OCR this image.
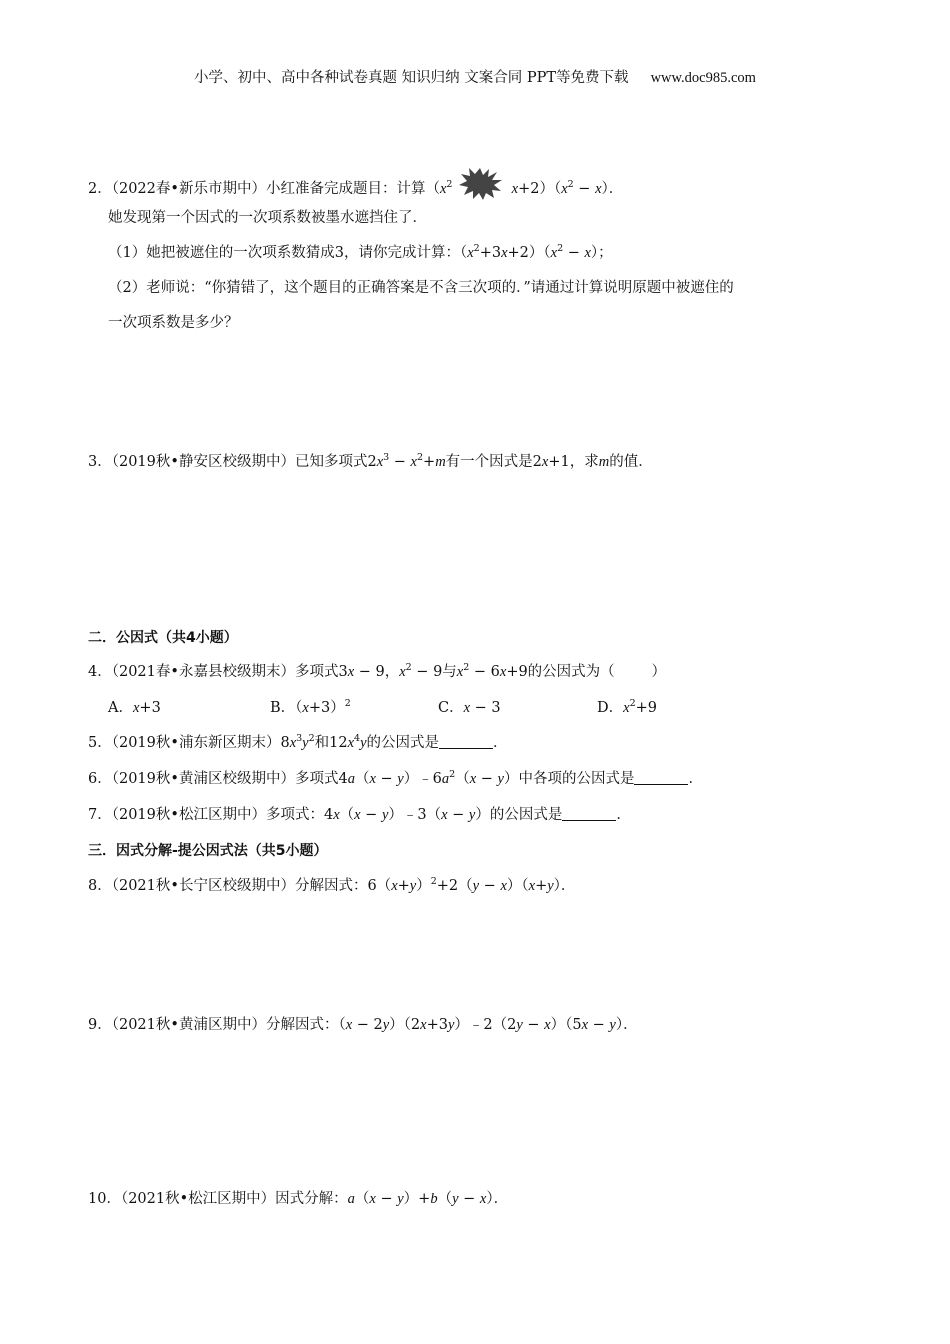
小学、初中、高中各种试卷真题 知识归纳 文案合同 PPT等免费下载 www.doc985.com
2．（2022春•新乐市期中）小红准备完成题目：计算（$x^2$	$x+2)(x^2 - x)$．
她发现第一个因式的一次项系数被墨水遮挡住了．
（1）她把被遮住的一次项系数猜成3，请你完成计算：$(x^2+3x+2)(x^2 - x)$；
（2）老师说：“你猜错了，这个题目的正确答案是不含三次项的．”请通过计算说明原题中被遮住的
一次项系数是多少？
3．（2019秋•静安区校级期中）已知多项式$2x^3 - x^2+m$有一个因式是2x+1，求m的值．
二．公因式（共4小题）
4．（2021春•永嘉县校级期末）多项式3x − 9，$x^2 - 9$与$x^2 - 6x+9$的公因式为（        ）
A．x+3	B．$(x+3)^2$	C．x − 3	D．$x^2+9$
5．（2019秋•浦东新区期末）$8x^3y^2$和$12x^4y$的公因式是	．
6．（2019秋•黄浦区校级期中）多项式$4a(x - y)﹣6a^2(x - y)$中各项的公因式是	．
7．（2019秋•松江区期中）多项式：4x（x − y）﹣3（x − y）的公因式是	．
三．因式分解-提公因式法（共5小题）
8．（2021秋•长宁区校级期中）分解因式：$6(x+y)^2+2(y - x)(x+y)$．
9．（2021秋•黄浦区期中）分解因式：（x − 2y）（2x+3y）﹣2（2y − x）（5x − y）．
10．（2021秋•松江区期中）因式分解：a（x − y）+b（y − x）．
